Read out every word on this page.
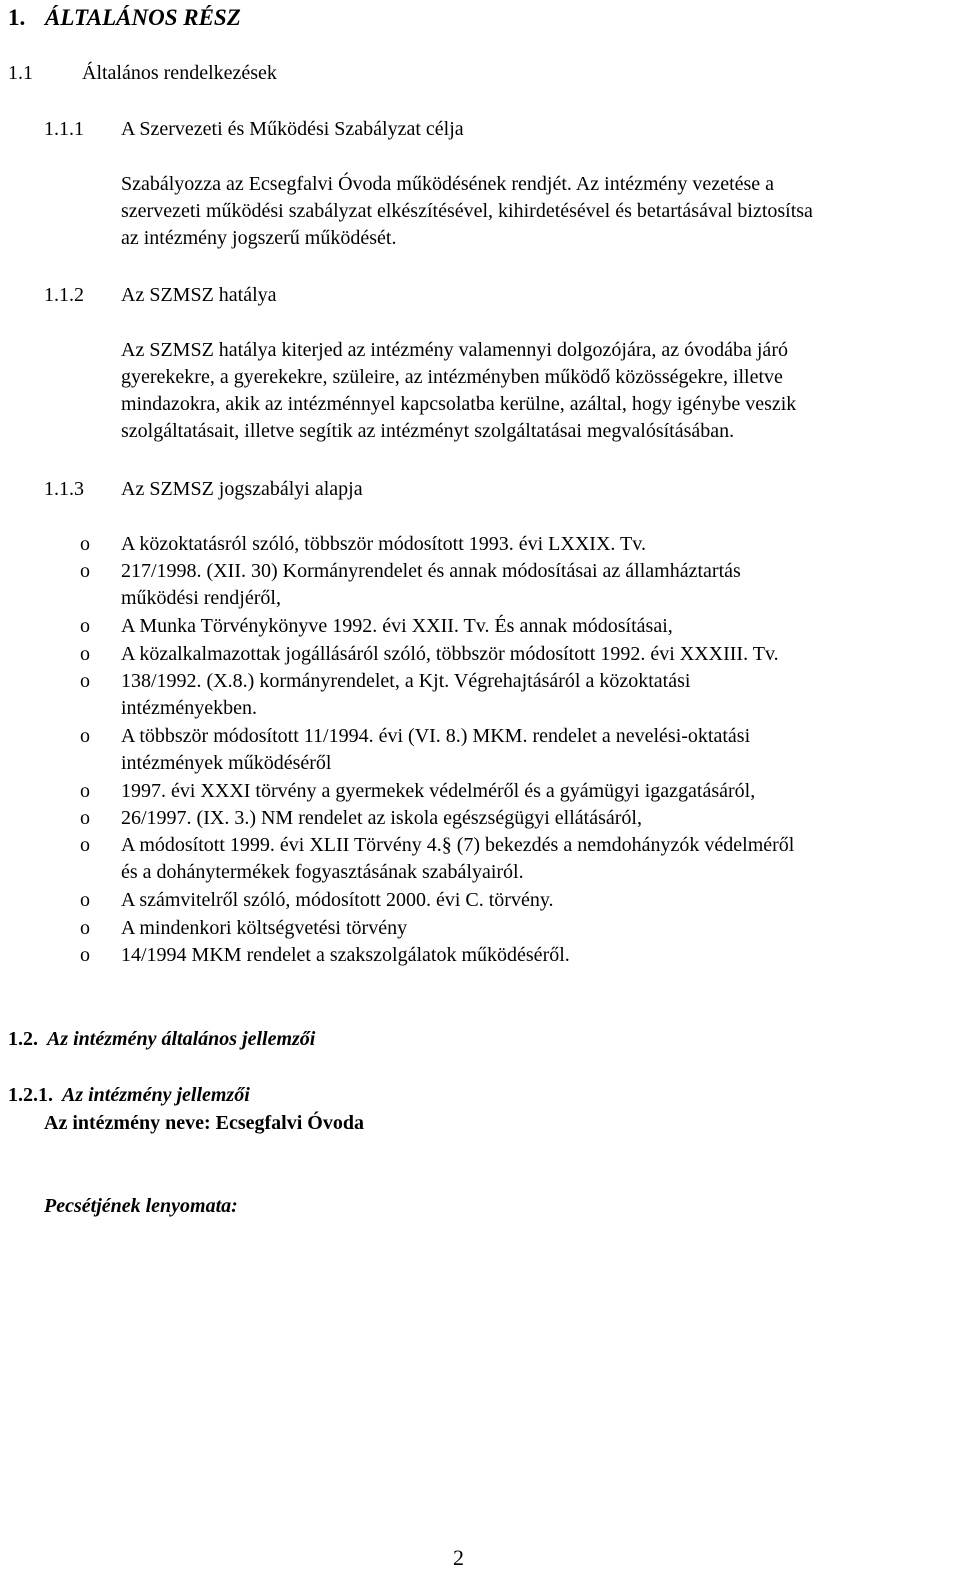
1. ÁLTALÁNOS RÉSZ
1.1 Általános rendelkezések
1.1.1 A Szervezeti és Működési Szabályzat célja
Szabályozza az Ecsegfalvi Óvoda működésének rendjét. Az intézmény vezetése a
szervezeti működési szabályzat elkészítésével, kihirdetésével és betartásával biztosítsa
az intézmény jogszerű működését.
1.1.2 Az SZMSZ hatálya
Az SZMSZ hatálya kiterjed az intézmény valamennyi dolgozójára, az óvodába járó
gyerekekre, a gyerekekre, szüleire, az intézményben működő közösségekre, illetve
mindazokra, akik az intézménnyel kapcsolatba kerülne, azáltal, hogy igénybe veszik
szolgáltatásait, illetve segítik az intézményt szolgáltatásai megvalósításában.
1.1.3 Az SZMSZ jogszabályi alapja
o A közoktatásról szóló, többször módosított 1993. évi LXXIX. Tv.
o 217/1998. (XII. 30) Kormányrendelet és annak módosításai az államháztartás
működési rendjéről,
o A Munka Törvénykönyve 1992. évi XXII. Tv. És annak módosításai,
o A közalkalmazottak jogállásáról szóló, többször módosított 1992. évi XXXIII. Tv.
o 138/1992. (X.8.) kormányrendelet, a Kjt. Végrehajtásáról a közoktatási
intézményekben.
o A többször módosított 11/1994. évi (VI. 8.) MKM. rendelet a nevelési-oktatási
intézmények működéséről
o 1997. évi XXXI törvény a gyermekek védelméről és a gyámügyi igazgatásáról,
o 26/1997. (IX. 3.) NM rendelet az iskola egészségügyi ellátásáról,
o A módosított 1999. évi XLII Törvény 4.§ (7) bekezdés a nemdohányzók védelméről
és a dohánytermékek fogyasztásának szabályairól.
o A számvitelről szóló, módosított 2000. évi C. törvény.
o A mindenkori költségvetési törvény
o 14/1994 MKM rendelet a szakszolgálatok működéséről.
1.2. Az intézmény általános jellemzői
1.2.1. Az intézmény jellemzői
Az intézmény neve: Ecsegfalvi Óvoda
Pecsétjének lenyomata:
2
